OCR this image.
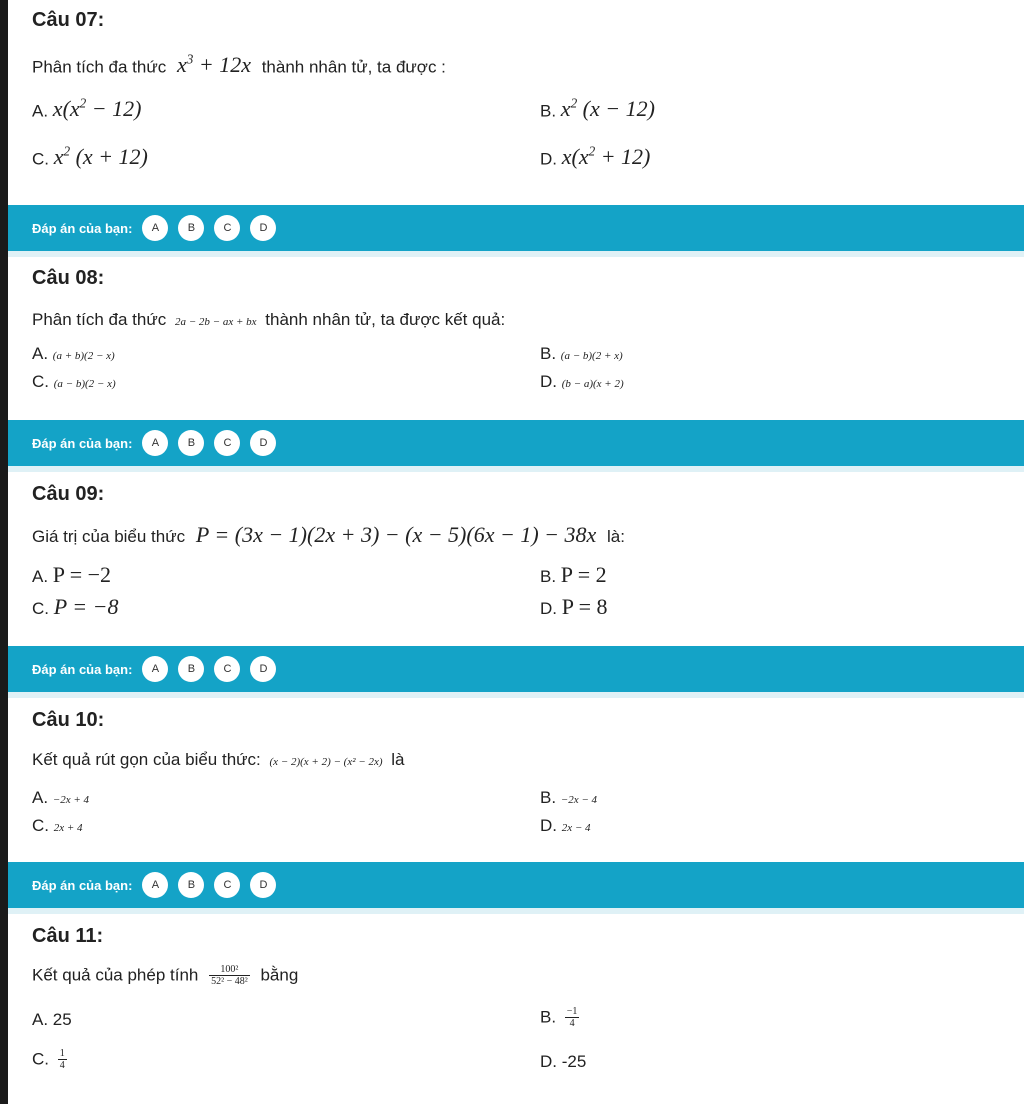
Câu 07:
Phân tích đa thức $x^3 + 12x$ thành nhân tử, ta được :
A. $x(x^2 - 12)$	B. $x^2$ (x − 12)
C. $x^2$ (x + 12)	D. $x(x^2 + 12)$
Đáp án của bạn:	A	B	C	D
Câu 08:
Phân tích đa thức 2a − 2b − ax + bx thành nhân tử, ta được kết quả:
A. (a + b)(2 − x)	B. (a − b)(2 + x)
C. (a − b)(2 − x)	D. (b − a)(x + 2)
Đáp án của bạn:	A	B	C	D
Câu 09:
Giá trị của biểu thức P = (3x − 1)(2x + 3) − (x − 5)(6x − 1) − 38x là:
A. P = −2	B. P = 2
C. P = −8	D. P = 8
Đáp án của bạn:	A	B	C	D
Câu 10:
Kết quả rút gọn của biểu thức: (x − 2)(x + 2) − (x² − 2x) là
A. −2x + 4	B. −2x − 4
C. 2x + 4	D. 2x − 4
Đáp án của bạn:	A	B	C	D
Câu 11:
Kết quả của phép tính $\frac{\text{100²}}{\text{52² − 48²}}$ bằng
A. 25	B. $\frac{-1}{4}$
C. $\frac{1}{4}$	D. -25
